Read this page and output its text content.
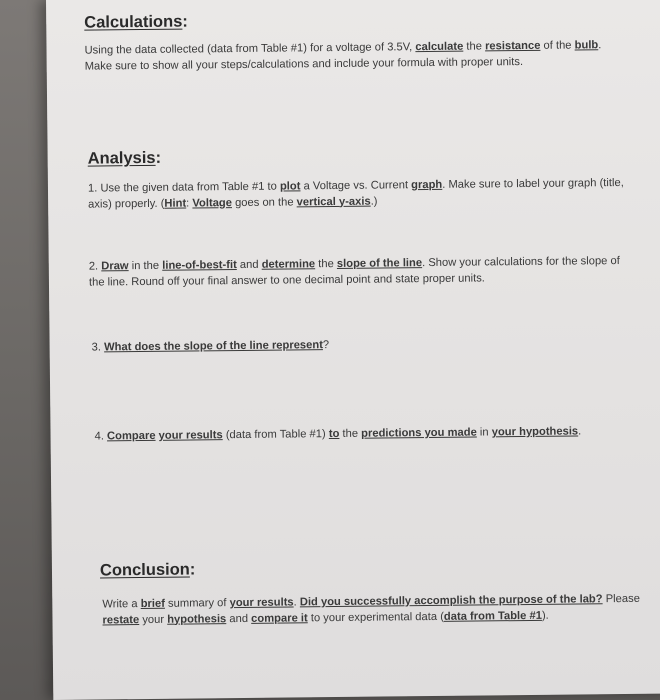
Calculations:

Using the data collected (data from Table #1) for a voltage of 3.5V, calculate the resistance of the bulb. Make sure to show all your steps/calculations and include your formula with proper units.

Analysis:

1. Use the given data from Table #1 to plot a Voltage vs. Current graph. Make sure to label your graph (title, axis) properly. (Hint: Voltage goes on the vertical y-axis.)

2. Draw in the line-of-best-fit and determine the slope of the line. Show your calculations for the slope of the line. Round off your final answer to one decimal point and state proper units.

3. What does the slope of the line represent?

4. Compare your results (data from Table #1) to the predictions you made in your hypothesis.

Conclusion:

Write a brief summary of your results. Did you successfully accomplish the purpose of the lab? Please restate your hypothesis and compare it to your experimental data (data from Table #1).
